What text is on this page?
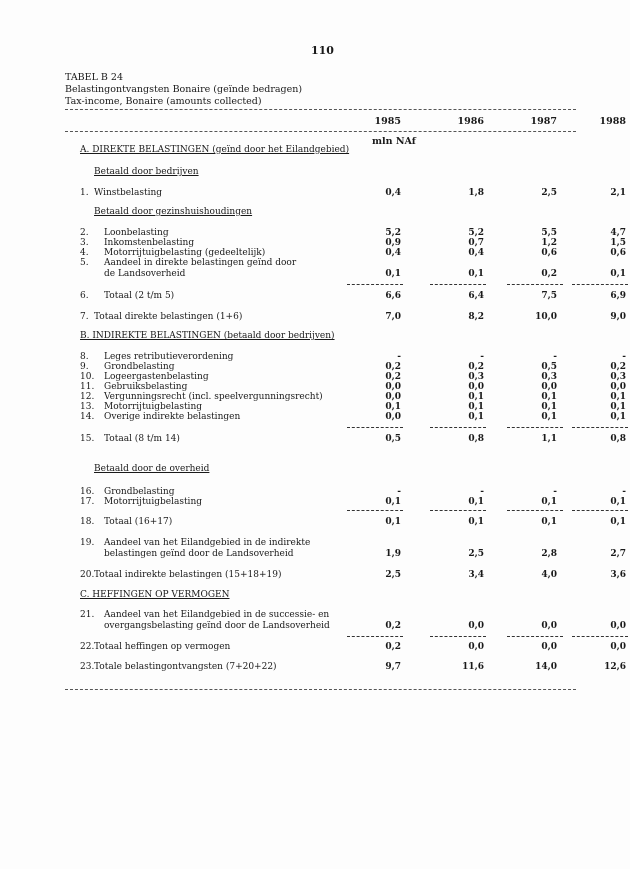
110
TABEL B 24
Belastingontvangsten Bonaire (geïnde bedragen)
Tax-income, Bonaire (amounts collected)
1985	1986	1987	1988
mln NAf
A. DIREKTE BELASTINGEN (geïnd door het Eilandgebied)
Betaald door bedrijven
1. Winstbelasting	0,4	1,8	2,5	2,1
Betaald door gezinshuishoudingen
2.	Loonbelasting	5,2	5,2	5,5	4,7
3.	Inkomstenbelasting	0,9	0,7	1,2	1,5
4.	Motorrijtuigbelasting (gedeeltelijk)	0,4	0,4	0,6	0,6
5.	Aandeel in direkte belastingen geïnd door
de Landsoverheid	0,1	0,1	0,2	0,1
6.	Totaal (2 t/m 5)	6,6	6,4	7,5	6,9
7. Totaal direkte belastingen (1+6)	7,0	8,2	10,0	9,0
B. INDIREKTE BELASTINGEN (betaald door bedrijven)
8.	Leges retributieverordening	-	-	-	-
9.	Grondbelasting	0,2	0,2	0,5	0,2
10.	Logeergastenbelasting	0,2	0,3	0,3	0,3
11.	Gebruiksbelasting	0,0	0,0	0,0	0,0
12.	Vergunningsrecht (incl. speelvergunningsrecht)	0,0	0,1	0,1	0,1
13.	Motorrijtuigbelasting	0,1	0,1	0,1	0,1
14.	Overige indirekte belastingen	0,0	0,1	0,1	0,1
15.	Totaal (8 t/m 14)	0,5	0,8	1,1	0,8
Betaald door de overheid
16.	Grondbelasting	-	-	-	-
17.	Motorrijtuigbelasting	0,1	0,1	0,1	0,1
18.	Totaal (16+17)	0,1	0,1	0,1	0,1
19.	Aandeel van het Eilandgebied in de indirekte
belastingen geïnd door de Landsoverheid	1,9	2,5	2,8	2,7
20. Totaal indirekte belastingen (15+18+19)	2,5	3,4	4,0	3,6
C. HEFFINGEN OP VERMOGEN
21.	Aandeel van het Eilandgebied in de successie- en
overgangsbelasting geïnd door de Landsoverheid	0,2	0,0	0,0	0,0
22. Totaal heffingen op vermogen	0,2	0,0	0,0	0,0
23. Totale belastingontvangsten (7+20+22)	9,7	11,6	14,0	12,6
